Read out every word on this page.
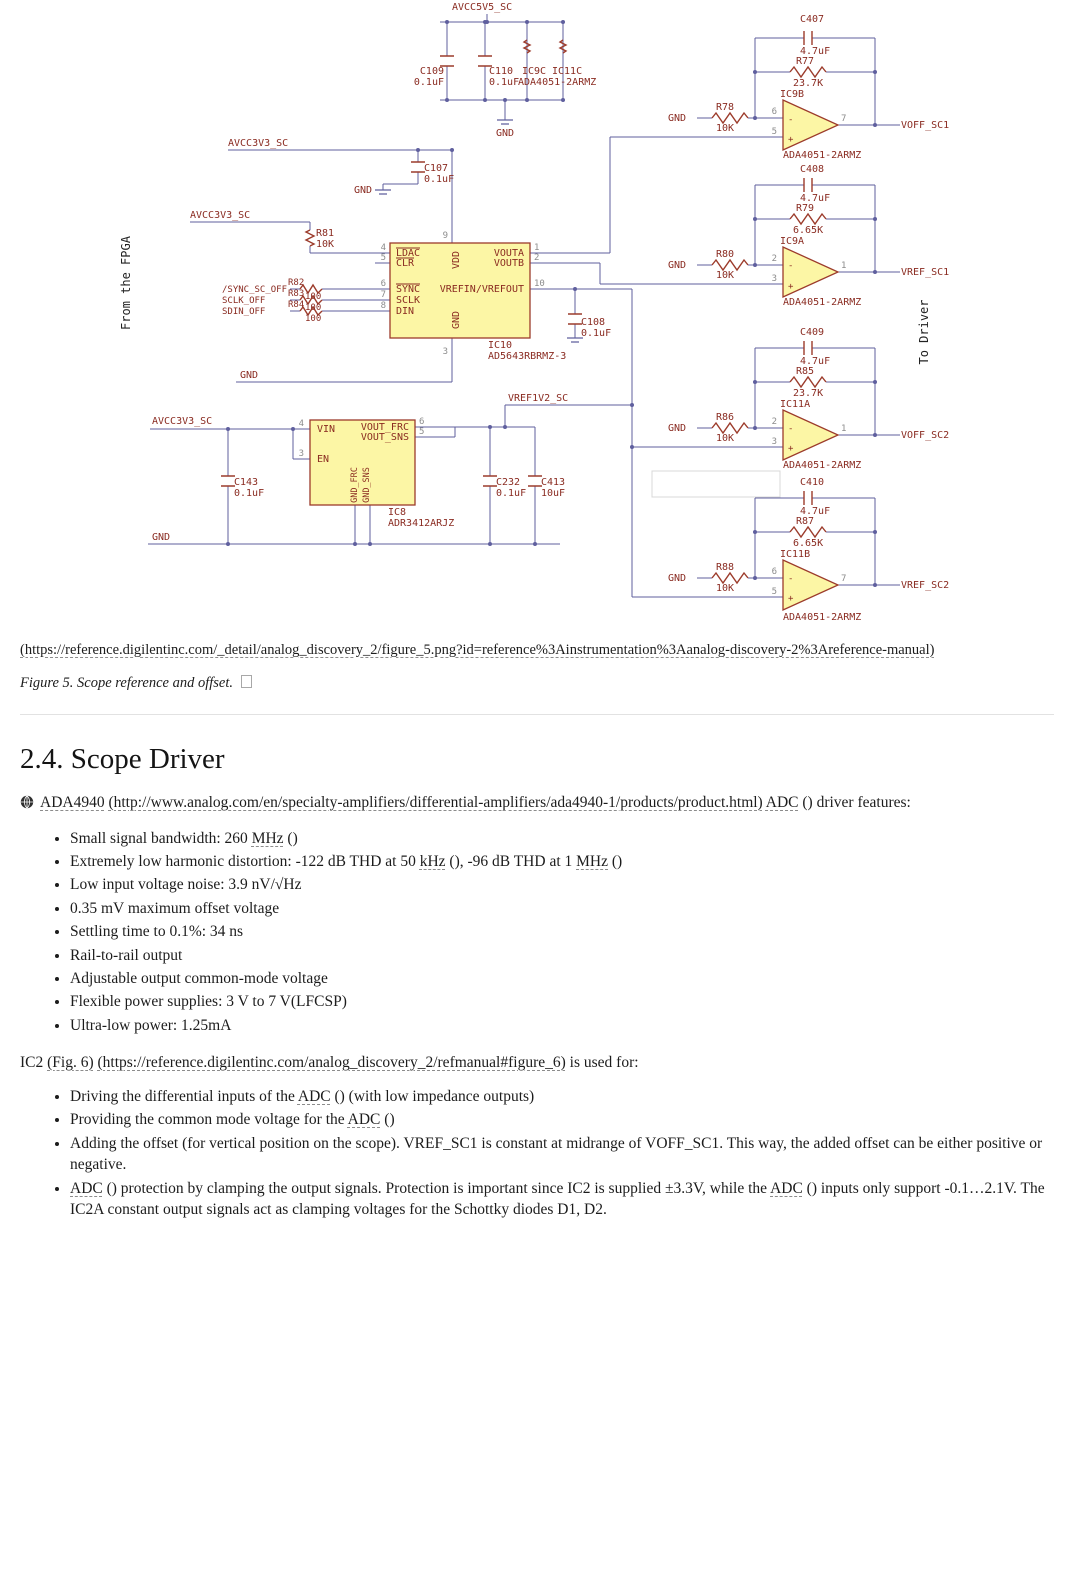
AVCC5V5_SC
C109
0.1uF
C110
0.1uF
IC9C IC11C
ADA4051-2ARMZ
GND
AVCC3V3_SC
C107
0.1uF
GND
AVCC3V3_SC
From the FPGA
R81
10K
/SYNC_SC_OFF
SCLK_OFF
SDIN_OFF
R82
R83
R84
100
100
100
LDAC
CLR
SYNC
SCLK
DIN
VOUTA
VOUTB
VREFIN/VREFOUT
VDD
GND
4
5
6
7
8
9
3
1
2
10
IC10
AD5643RBRMZ-3
C108
0.1uF
GND
VREF1V2_SC
AVCC3V3_SC
VIN
EN
VOUT_FRC
VOUT_SNS
GND_FRC GND_SNS
4
3
6
5
IC8
ADR3412ARJZ
C143
0.1uF
GND
C232
0.1uF
C413
10uF
C407
4.7uF
R77
23.7K
IC9B
GND
R78
10K
6
5
7
-
+
VOFF_SC1
ADA4051-2ARMZ
C408
4.7uF
R79
6.65K
IC9A
GND
R80
10K
2
3
1
-
+
VREF_SC1
ADA4051-2ARMZ
C409
4.7uF
R85
23.7K
IC11A
GND
R86
10K
2
3
1
-
+
VOFF_SC2
ADA4051-2ARMZ
C410
4.7uF
R87
6.65K
IC11B
GND
R88
10K
6
5
7
-
+
VREF_SC2
ADA4051-2ARMZ
To Driver

(https://reference.digilentinc.com/_detail/analog_discovery_2/figure_5.png?id=reference%3Ainstrumentation%3Aanalog-discovery-2%3Areference-manual)

Figure 5. Scope reference and offset.

2.4. Scope Driver

ADA4940 (http://www.analog.com/en/specialty-amplifiers/differential-amplifiers/ada4940-1/products/product.html) ADC () driver features:

• Small signal bandwidth: 260 MHz ()
• Extremely low harmonic distortion: -122 dB THD at 50 kHz (), -96 dB THD at 1 MHz ()
• Low input voltage noise: 3.9 nV/√Hz
• 0.35 mV maximum offset voltage
• Settling time to 0.1%: 34 ns
• Rail-to-rail output
• Adjustable output common-mode voltage
• Flexible power supplies: 3 V to 7 V(LFCSP)
• Ultra-low power: 1.25mA

IC2 (Fig. 6) (https://reference.digilentinc.com/analog_discovery_2/refmanual#figure_6) is used for:

• Driving the differential inputs of the ADC () (with low impedance outputs)
• Providing the common mode voltage for the ADC ()
• Adding the offset (for vertical position on the scope). VREF_SC1 is constant at midrange of VOFF_SC1. This way, the added offset can be either positive or negative.
• ADC () protection by clamping the output signals. Protection is important since IC2 is supplied ±3.3V, while the ADC () inputs only support -0.1…2.1V. The IC2A constant output signals act as clamping voltages for the Schottky diodes D1, D2.
